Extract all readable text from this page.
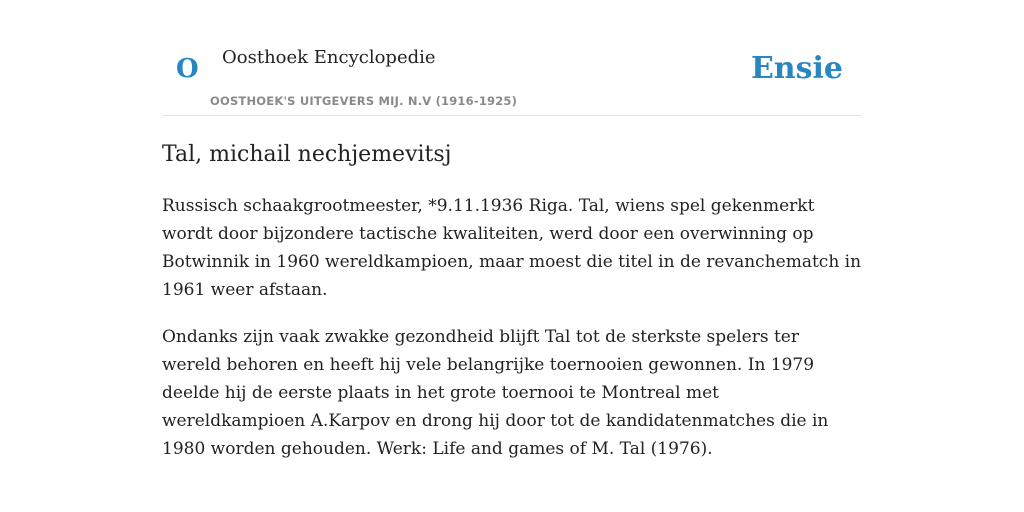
O Oosthoek Encyclopedie
OOSTHOEK'S UITGEVERS MIJ. N.V (1916-1925)
Ensie
Tal, michail nechjemevitsj

Russisch schaakgrootmeester, *9.11.1936 Riga. Tal, wiens spel gekenmerkt wordt door bijzondere tactische kwaliteiten, werd door een overwinning op Botwinnik in 1960 wereldkampioen, maar moest die titel in de revanchematch in 1961 weer afstaan.

Ondanks zijn vaak zwakke gezondheid blijft Tal tot de sterkste spelers ter wereld behoren en heeft hij vele belangrijke toernooien gewonnen. In 1979 deelde hij de eerste plaats in het grote toernooi te Montreal met wereldkampioen A.Karpov en drong hij door tot de kandidatenmatches die in 1980 worden gehouden. Werk: Life and games of M. Tal (1976).
